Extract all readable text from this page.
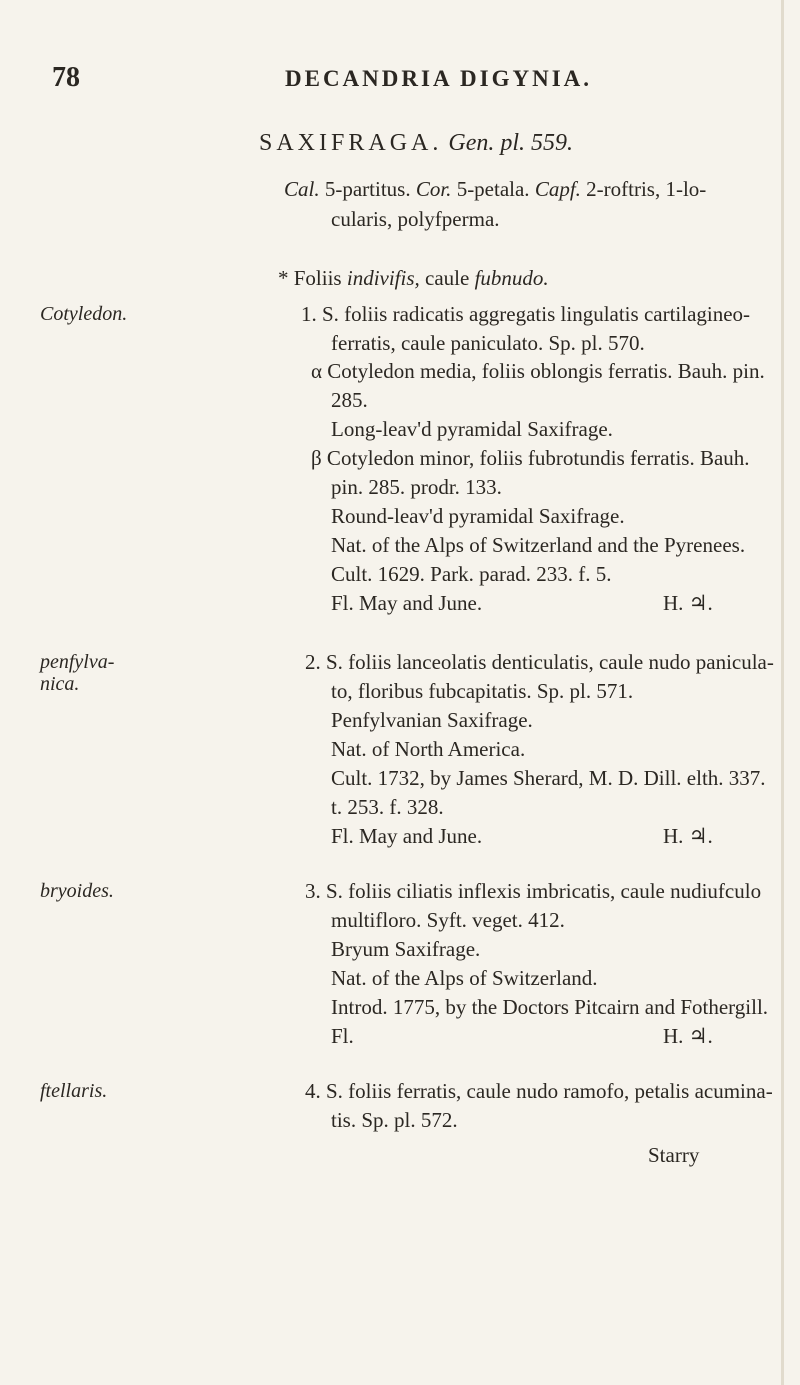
78	DECANDRIA DIGYNIA.
SAXIFRAGA. Gen. pl. 559.
Cal. 5-partitus. Cor. 5-petala. Capf. 2-roftris, 1-lo-
cularis, polyfperma.
* Foliis indivifis, caule fubnudo.
Cotyledon.	1. S. foliis radicatis aggregatis lingulatis cartilagineo-
ferratis, caule paniculato. Sp. pl. 570.
α Cotyledon media, foliis oblongis ferratis. Bauh. pin.
285.
Long-leav'd pyramidal Saxifrage.
β Cotyledon minor, foliis fubrotundis ferratis. Bauh.
pin. 285. prodr. 133.
Round-leav'd pyramidal Saxifrage.
Nat. of the Alps of Switzerland and the Pyrenees.
Cult. 1629. Park. parad. 233. f. 5.
Fl. May and June.	H. ♃.
penfylva-
nica.
2. S. foliis lanceolatis denticulatis, caule nudo panicula-
to, floribus fubcapitatis. Sp. pl. 571.
Penfylvanian Saxifrage.
Nat. of North America.
Cult. 1732, by James Sherard, M. D. Dill. elth. 337.
t. 253. f. 328.
Fl. May and June.	H. ♃.
bryoides.	3. S. foliis ciliatis inflexis imbricatis, caule nudiufculo
multifloro. Syft. veget. 412.
Bryum Saxifrage.
Nat. of the Alps of Switzerland.
Introd. 1775, by the Doctors Pitcairn and Fothergill.
Fl.	H. ♃.
ftellaris.	4. S. foliis ferratis, caule nudo ramofo, petalis acumina-
tis. Sp. pl. 572.
Starry
